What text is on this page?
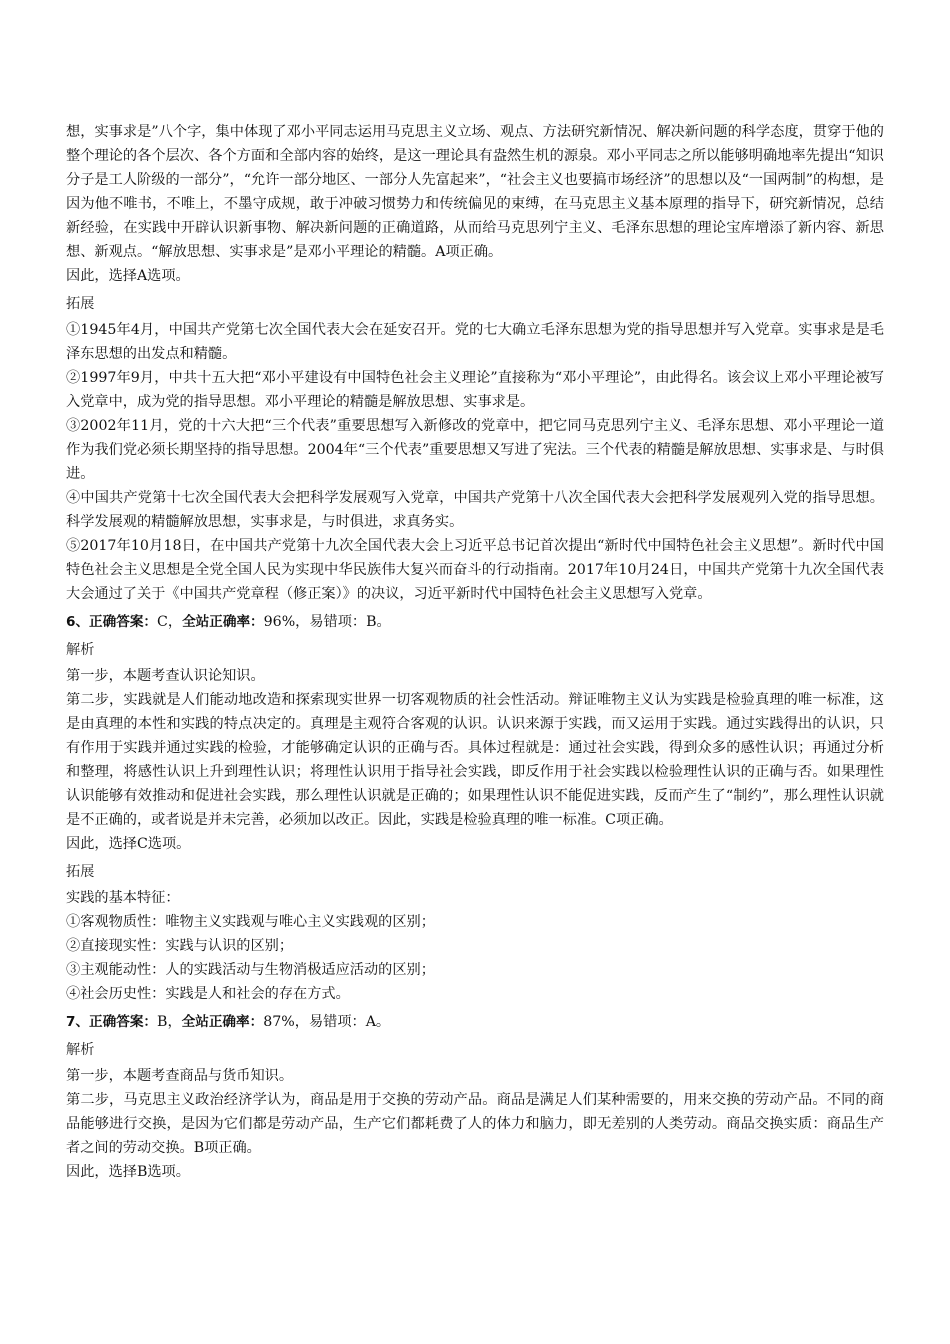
想，实事求是”八个字，集中体现了邓小平同志运用马克思主义立场、观点、方法研究新情况、解决新问题的科学态度，贯穿于他的整个理论的各个层次、各个方面和全部内容的始终，是这一理论具有盎然生机的源泉。邓小平同志之所以能够明确地率先提出“知识分子是工人阶级的一部分”，“允许一部分地区、一部分人先富起来”，“社会主义也要搞市场经济”的思想以及“一国两制”的构想，是因为他不唯书，不唯上，不墨守成规，敢于冲破习惯势力和传统偏见的束缚，在马克思主义基本原理的指导下，研究新情况，总结新经验，在实践中开辟认识新事物、解决新问题的正确道路，从而给马克思列宁主义、毛泽东思想的理论宝库增添了新内容、新思想、新观点。“解放思想、实事求是”是邓小平理论的精髓。A项正确。

因此，选择A选项。

拓展

①1945年4月，中国共产党第七次全国代表大会在延安召开。党的七大确立毛泽东思想为党的指导思想并写入党章。实事求是是毛泽东思想的出发点和精髓。

②1997年9月，中共十五大把“邓小平建设有中国特色社会主义理论”直接称为“邓小平理论”，由此得名。该会议上邓小平理论被写入党章中，成为党的指导思想。邓小平理论的精髓是解放思想、实事求是。

③2002年11月，党的十六大把“三个代表”重要思想写入新修改的党章中，把它同马克思列宁主义、毛泽东思想、邓小平理论一道作为我们党必须长期坚持的指导思想。2004年“三个代表”重要思想又写进了宪法。三个代表的精髓是解放思想、实事求是、与时俱进。

④中国共产党第十七次全国代表大会把科学发展观写入党章，中国共产党第十八次全国代表大会把科学发展观列入党的指导思想。科学发展观的精髓解放思想，实事求是，与时俱进，求真务实。

⑤2017年10月18日，在中国共产党第十九次全国代表大会上习近平总书记首次提出“新时代中国特色社会主义思想”。新时代中国特色社会主义思想是全党全国人民为实现中华民族伟大复兴而奋斗的行动指南。2017年10月24日，中国共产党第十九次全国代表大会通过了关于《中国共产党章程（修正案）》的决议，习近平新时代中国特色社会主义思想写入党章。

6、正确答案：C，全站正确率：96%，易错项：B。

解析

第一步，本题考查认识论知识。

第二步，实践就是人们能动地改造和探索现实世界一切客观物质的社会性活动。辩证唯物主义认为实践是检验真理的唯一标准，这是由真理的本性和实践的特点决定的。真理是主观符合客观的认识。认识来源于实践，而又运用于实践。通过实践得出的认识，只有作用于实践并通过实践的检验，才能够确定认识的正确与否。具体过程就是：通过社会实践，得到众多的感性认识；再通过分析和整理，将感性认识上升到理性认识；将理性认识用于指导社会实践，即反作用于社会实践以检验理性认识的正确与否。如果理性认识能够有效推动和促进社会实践，那么理性认识就是正确的；如果理性认识不能促进实践，反而产生了“制约”，那么理性认识就是不正确的，或者说是并未完善，必须加以改正。因此，实践是检验真理的唯一标准。C项正确。

因此，选择C选项。

拓展

实践的基本特征：

①客观物质性：唯物主义实践观与唯心主义实践观的区别；

②直接现实性：实践与认识的区别；

③主观能动性：人的实践活动与生物消极适应活动的区别；

④社会历史性：实践是人和社会的存在方式。

7、正确答案：B，全站正确率：87%，易错项：A。

解析

第一步，本题考查商品与货币知识。

第二步，马克思主义政治经济学认为，商品是用于交换的劳动产品。商品是满足人们某种需要的，用来交换的劳动产品。不同的商品能够进行交换，是因为它们都是劳动产品，生产它们都耗费了人的体力和脑力，即无差别的人类劳动。商品交换实质：商品生产者之间的劳动交换。B项正确。

因此，选择B选项。
